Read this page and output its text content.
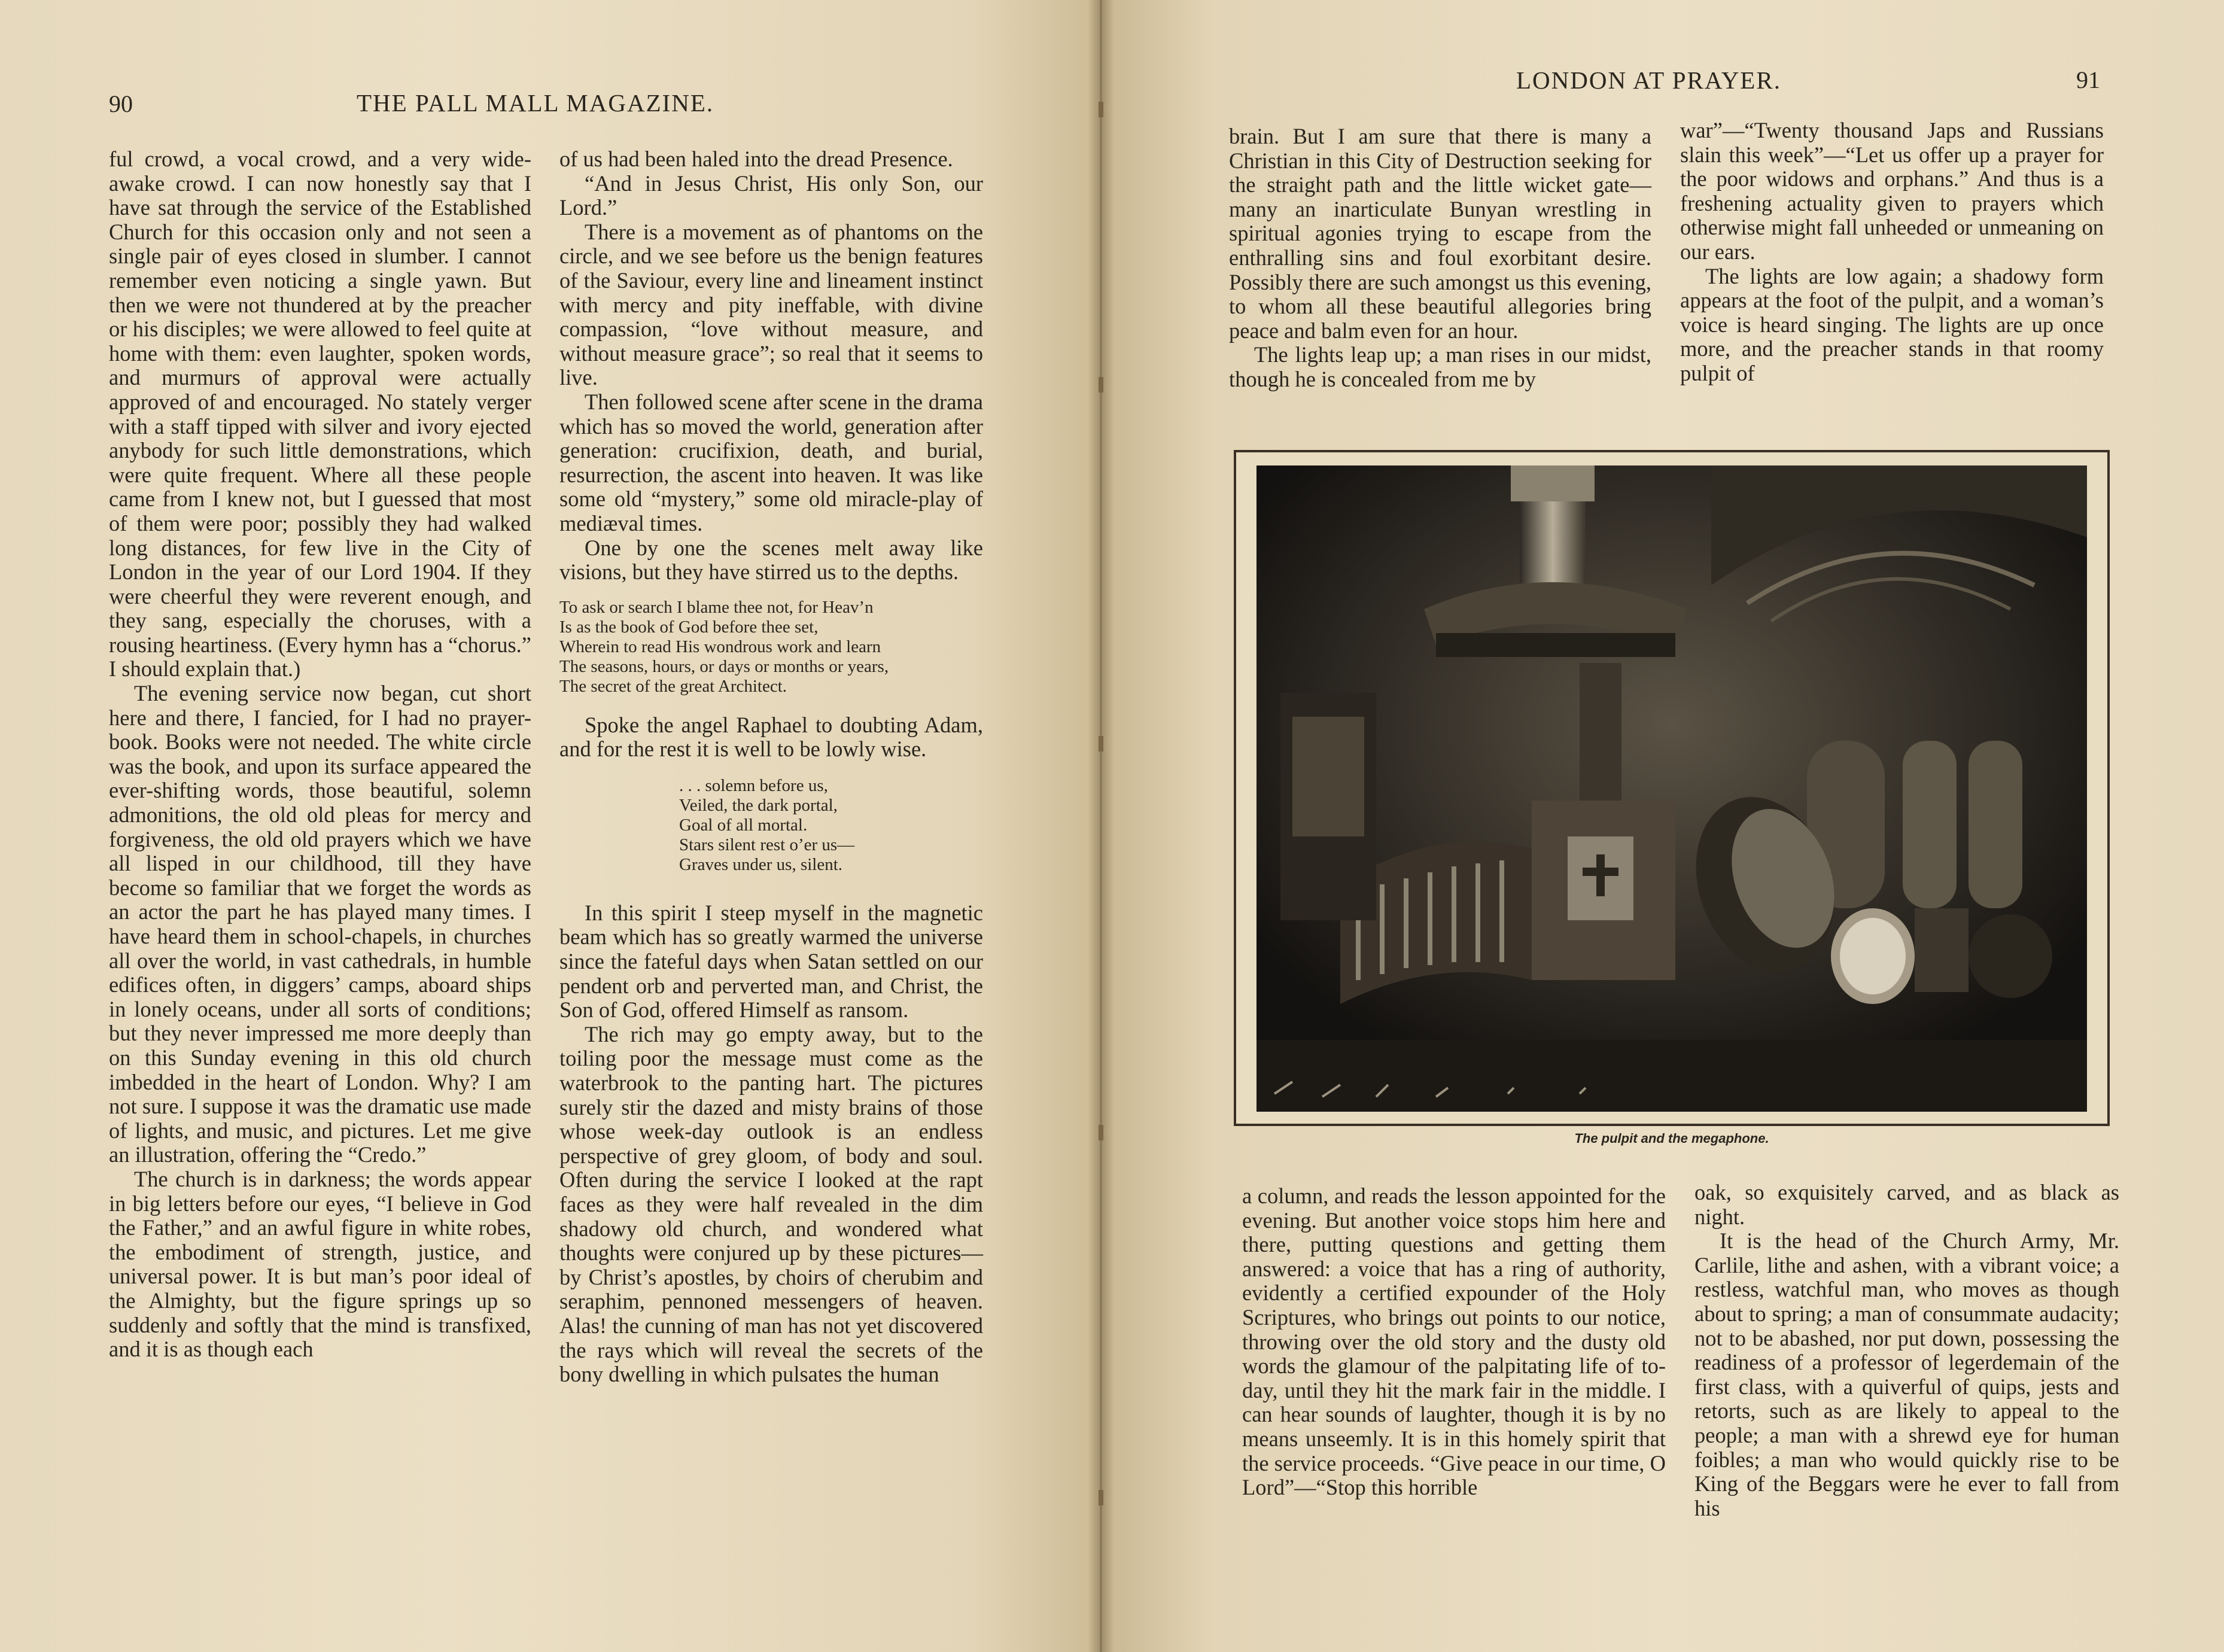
90	THE PALL MALL MAGAZINE.

ful crowd, a vocal crowd, and a very wide-awake crowd. I can now honestly say that I have sat through the service of the Established Church for this occasion only and not seen a single pair of eyes closed in slumber. I cannot remember even noticing a single yawn. But then we were not thundered at by the preacher or his disciples; we were allowed to feel quite at home with them: even laughter, spoken words, and murmurs of approval were actually approved of and encouraged. No stately verger with a staff tipped with silver and ivory ejected anybody for such little demonstrations, which were quite frequent. Where all these people came from I knew not, but I guessed that most of them were poor; possibly they had walked long distances, for few live in the City of London in the year of our Lord 1904. If they were cheerful they were reverent enough, and they sang, especially the choruses, with a rousing heartiness. (Every hymn has a “chorus.” I should explain that.)

The evening service now began, cut short here and there, I fancied, for I had no prayer-book. Books were not needed. The white circle was the book, and upon its surface appeared the ever-shifting words, those beautiful, solemn admonitions, the old old pleas for mercy and forgiveness, the old old prayers which we have all lisped in our childhood, till they have become so familiar that we forget the words as an actor the part he has played many times. I have heard them in school-chapels, in churches all over the world, in vast cathedrals, in humble edifices often, in diggers’ camps, aboard ships in lonely oceans, under all sorts of conditions; but they never impressed me more deeply than on this Sunday evening in this old church imbedded in the heart of London. Why? I am not sure. I suppose it was the dramatic use made of lights, and music, and pictures. Let me give an illustration, offering the “Credo.”

The church is in darkness; the words appear in big letters before our eyes, “I believe in God the Father,” and an awful figure in white robes, the embodiment of strength, justice, and universal power. It is but man’s poor ideal of the Almighty, but the figure springs up so suddenly and softly that the mind is transfixed, and it is as though each

of us had been haled into the dread Presence.

“And in Jesus Christ, His only Son, our Lord.”

There is a movement as of phantoms on the circle, and we see before us the benign features of the Saviour, every line and lineament instinct with mercy and pity ineffable, with divine compassion, “love without measure, and without measure grace”; so real that it seems to live.

Then followed scene after scene in the drama which has so moved the world, generation after generation: crucifixion, death, and burial, resurrection, the ascent into heaven. It was like some old “mystery,” some old miracle-play of mediæval times.

One by one the scenes melt away like visions, but they have stirred us to the depths.

To ask or search I blame thee not, for Heav’n
Is as the book of God before thee set,
Wherein to read His wondrous work and learn
The seasons, hours, or days or months or years,
The secret of the great Architect.

Spoke the angel Raphael to doubting Adam, and for the rest it is well to be lowly wise.

. . . solemn before us,
Veiled, the dark portal,
Goal of all mortal.
Stars silent rest o’er us—
Graves under us, silent.

In this spirit I steep myself in the magnetic beam which has so greatly warmed the universe since the fateful days when Satan settled on our pendent orb and perverted man, and Christ, the Son of God, offered Himself as ransom.

The rich may go empty away, but to the toiling poor the message must come as the waterbrook to the panting hart. The pictures surely stir the dazed and misty brains of those whose week-day outlook is an endless perspective of grey gloom, of body and soul. Often during the service I looked at the rapt faces as they were half revealed in the dim shadowy old church, and wondered what thoughts were conjured up by these pictures—by Christ’s apostles, by choirs of cherubim and seraphim, pennoned messengers of heaven. Alas! the cunning of man has not yet discovered the rays which will reveal the secrets of the bony dwelling in which pulsates the human

LONDON AT PRAYER.	91

brain. But I am sure that there is many a Christian in this City of Destruction seeking for the straight path and the little wicket gate—many an inarticulate Bunyan wrestling in spiritual agonies trying to escape from the enthralling sins and foul exorbitant desire. Possibly there are such amongst us this evening, to whom all these beautiful allegories bring peace and balm even for an hour.

The lights leap up; a man rises in our midst, though he is concealed from me by

war”—“Twenty thousand Japs and Russians slain this week”—“Let us offer up a prayer for the poor widows and orphans.” And thus is a freshening actuality given to prayers which otherwise might fall unheeded or unmeaning on our ears.

The lights are low again; a shadowy form appears at the foot of the pulpit, and a woman’s voice is heard singing. The lights are up once more, and the preacher stands in that roomy pulpit of

The pulpit and the megaphone.

a column, and reads the lesson appointed for the evening. But another voice stops him here and there, putting questions and getting them answered: a voice that has a ring of authority, evidently a certified expounder of the Holy Scriptures, who brings out points to our notice, throwing over the old story and the dusty old words the glamour of the palpitating life of to-day, until they hit the mark fair in the middle. I can hear sounds of laughter, though it is by no means unseemly. It is in this homely spirit that the service proceeds. “Give peace in our time, O Lord”—“Stop this horrible

oak, so exquisitely carved, and as black as night.

It is the head of the Church Army, Mr. Carlile, lithe and ashen, with a vibrant voice; a restless, watchful man, who moves as though about to spring; a man of consummate audacity; not to be abashed, nor put down, possessing the readiness of a professor of legerdemain of the first class, with a quiverful of quips, jests and retorts, such as are likely to appeal to the people; a man with a shrewd eye for human foibles; a man who would quickly rise to be King of the Beggars were he ever to fall from his
